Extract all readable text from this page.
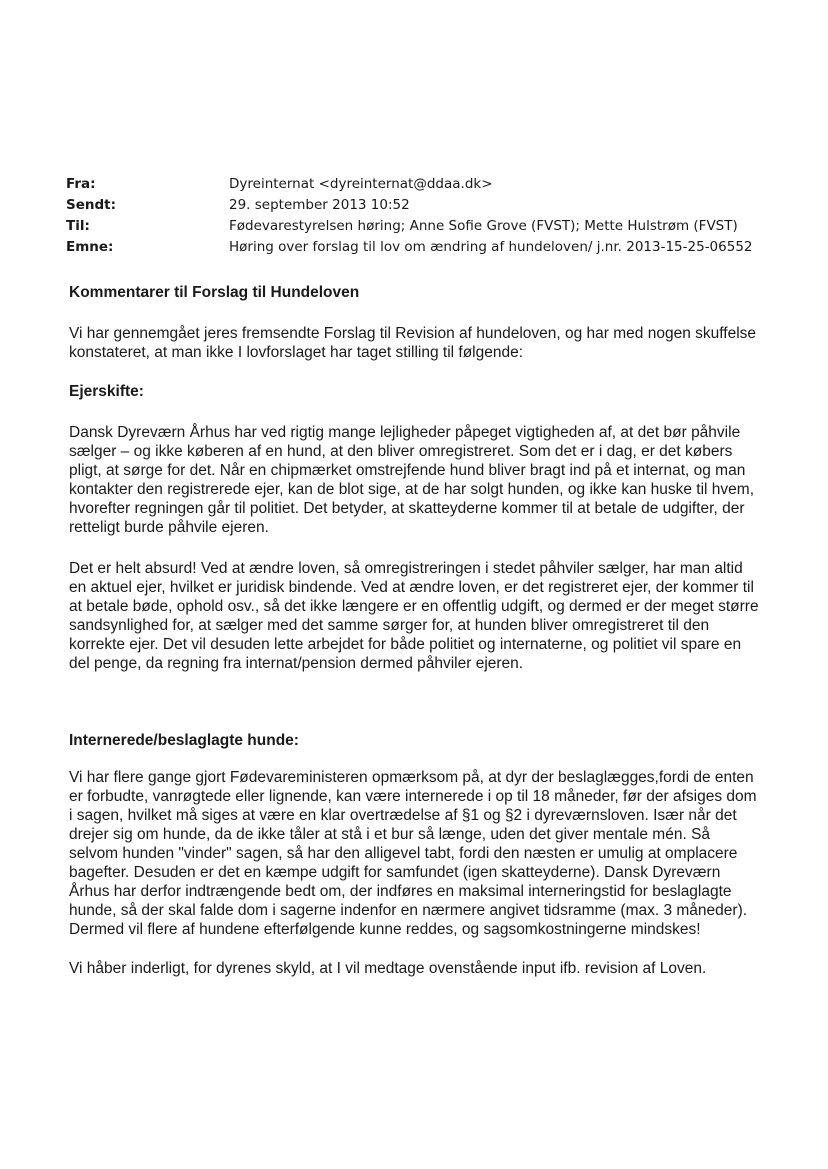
Fra:	Dyreinternat <dyreinternat@ddaa.dk>
Sendt:	29. september 2013 10:52
Til:	Fødevarestyrelsen høring; Anne Sofie Grove (FVST); Mette Hulstrøm (FVST)
Emne:	Høring over forslag til lov om ændring af hundeloven/ j.nr. 2013-15-25-06552
Kommentarer til Forslag til Hundeloven

Vi har gennemgået jeres fremsendte Forslag til Revision af hundeloven, og har med nogen skuffelse konstateret, at man ikke I lovforslaget har taget stilling til følgende:

Ejerskifte:

Dansk Dyreværn Århus har ved rigtig mange lejligheder påpeget vigtigheden af, at det bør påhvile sælger – og ikke køberen af en hund, at den bliver omregistreret. Som det er i dag, er det købers pligt, at sørge for det. Når en chipmærket omstrejfende hund bliver bragt ind på et internat, og man kontakter den registrerede ejer, kan de blot sige, at de har solgt hunden, og ikke kan huske til hvem, hvorefter regningen går til politiet. Det betyder, at skatteyderne kommer til at betale de udgifter, der retteligt burde påhvile ejeren.

Det er helt absurd! Ved at ændre loven, så omregistreringen i stedet påhviler sælger, har man altid en aktuel ejer, hvilket er juridisk bindende. Ved at ændre loven, er det registreret ejer, der kommer til at betale bøde, ophold osv., så det ikke længere er en offentlig udgift, og dermed er der meget større sandsynlighed for, at sælger med det samme sørger for, at hunden bliver omregistreret til den korrekte ejer. Det vil desuden lette arbejdet for både politiet og internaterne, og politiet vil spare en del penge, da regning fra internat/pension dermed påhviler ejeren.

Internerede/beslaglagte hunde:

Vi har flere gange gjort Fødevareministeren opmærksom på, at dyr der beslaglægges,fordi de enten er forbudte, vanrøgtede eller lignende, kan være internerede i op til 18 måneder, før der afsiges dom i sagen, hvilket må siges at være en klar overtrædelse af §1 og §2 i dyreværnsloven. Især når det drejer sig om hunde, da de ikke tåler at stå i et bur så længe, uden det giver mentale mén. Så selvom hunden "vinder" sagen, så har den alligevel tabt, fordi den næsten er umulig at omplacere bagefter. Desuden er det en kæmpe udgift for samfundet (igen skatteyderne). Dansk Dyreværn Århus har derfor indtrængende bedt om, der indføres en maksimal interneringstid for beslaglagte hunde, så der skal falde dom i sagerne indenfor en nærmere angivet tidsramme (max. 3 måneder). Dermed vil flere af hundene efterfølgende kunne reddes, og sagsomkostningerne mindskes!

Vi håber inderligt, for dyrenes skyld, at I vil medtage ovenstående input ifb. revision af Loven.
